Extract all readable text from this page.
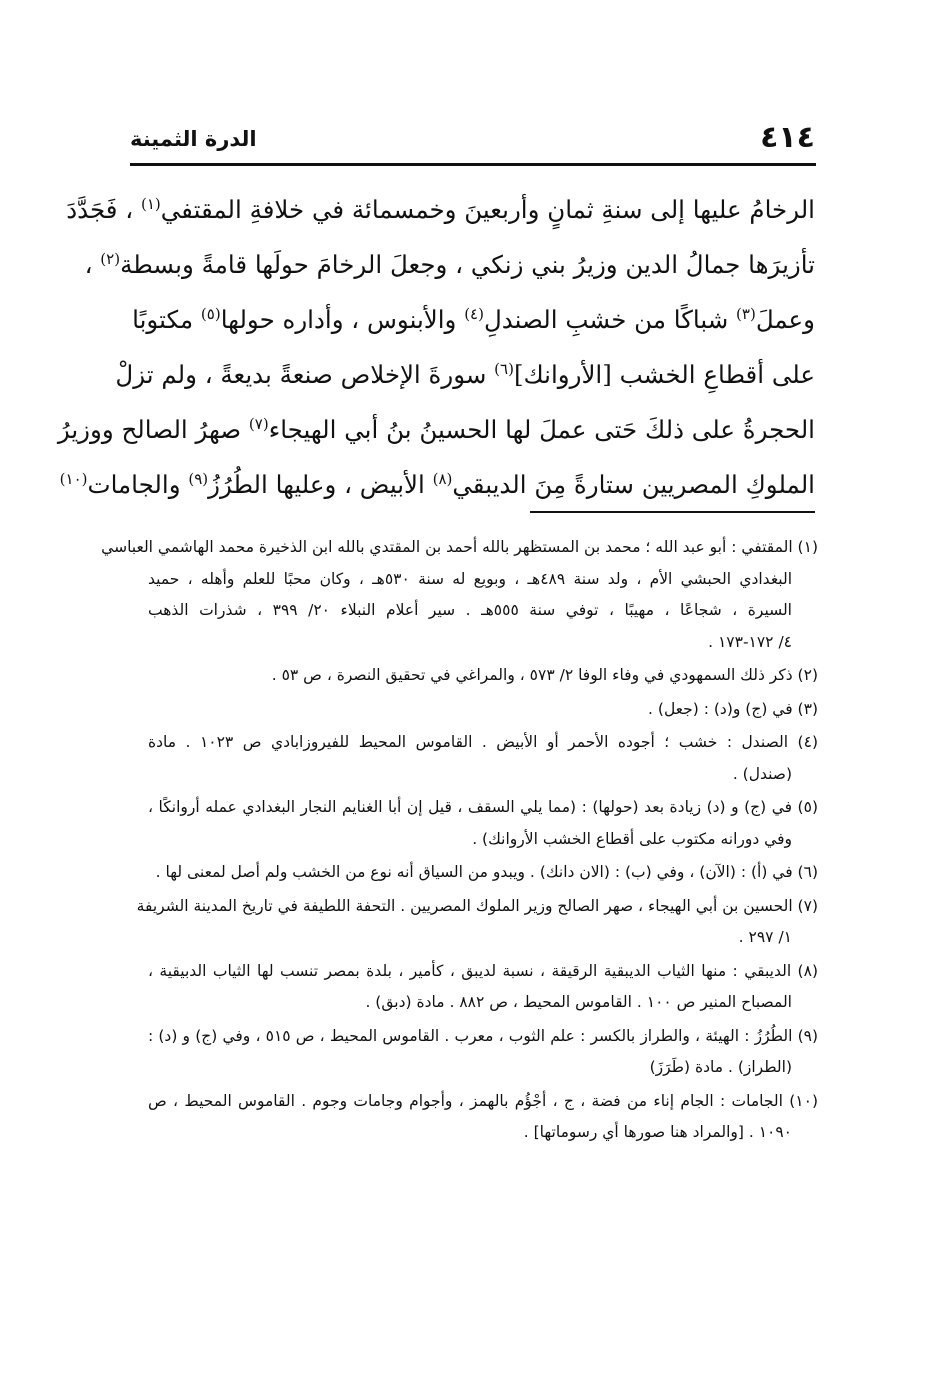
٤١٤
الدرة الثمينة
الرخامُ عليها إلى سنةِ ثمانٍ وأربعينَ وخمسمائة في خلافةِ المقتفي$^{(١)}$ ، فَجَدَّدَ
تأزيرَها جمالُ الدين وزيرُ بني زنكي ، وجعلَ الرخامَ حولَها قامةً وبسطة$^{(٢)}$ ،
وعملَ$^{(٣)}$ شباكًا من خشبِ الصندلِ$^{(٤)}$ والأبنوس ، وأداره حولها$^{(٥)}$ مكتوبًا
على أقطاعِ الخشب [الأروانك]$^{(٦)}$ سورةَ الإخلاص صنعةً بديعةً ، ولم تزلْ
الحجرةُ على ذلكَ حَتى عملَ لها الحسينُ بنُ أبي الهيجاء$^{(٧)}$ صهرُ الصالح ووزيرُ
الملوكِ المصريين ستارةً مِنَ الديبقي$^{(٨)}$ الأبيض ، وعليها الطُرُزُ$^{(٩)}$ والجامات$^{(١٠)}$
(١) المقتفي : أبو عبد الله ؛ محمد بن المستظهر بالله أحمد بن المقتدي بالله ابن الذخيرة محمد الهاشمي العباسي
البغدادي الحبشي الأم ، ولد سنة ٤٨٩هـ ، وبويع له سنة ٥٣٠هـ ، وكان محبًا للعلم وأهله ، حميد
السيرة ، شجاعًا ، مهيبًا ، توفي سنة ٥٥٥هـ . سير أعلام النبلاء ٢٠/ ٣٩٩ ، شذرات الذهب
٤/ ١٧٢-١٧٣ .
(٢) ذكر ذلك السمهودي في وفاء الوفا ٢/ ٥٧٣ ، والمراغي في تحقيق النصرة ، ص ٥٣ .
(٣) في (ج) و(د) : (جعل) .
(٤) الصندل : خشب ؛ أجوده الأحمر أو الأبيض . القاموس المحيط للفيروزابادي ص ١٠٢٣ . مادة
(صندل) .
(٥) في (ج) و (د) زيادة بعد (حولها) : (مما يلي السقف ، قيل إن أبا الغنايم النجار البغدادي عمله أروانكًا ،
وفي دورانه مكتوب على أقطاع الخشب الأروانك) .
(٦) في (أ) : (الآن) ، وفي (ب) : (الان دانك) . ويبدو من السياق أنه نوع من الخشب ولم أصل لمعنى لها .
(٧) الحسين بن أبي الهيجاء ، صهر الصالح وزير الملوك المصريين . التحفة اللطيفة في تاريخ المدينة الشريفة
١/ ٢٩٧ .
(٨) الديبقي : منها الثياب الديبقية الرقيقة ، نسبة لديبق ، كأمير ، بلدة بمصر تنسب لها الثياب الدبيقية ،
المصباح المنير ص ١٠٠ . القاموس المحيط ، ص ٨٨٢ . مادة (دبق) .
(٩) الطُرُزُ : الهيئة ، والطراز بالكسر : علم الثوب ، معرب . القاموس المحيط ، ص ٥١٥ ، وفي (ج) و (د) :
(الطراز) . مادة (طَرَزَ)
(١٠) الجامات : الجام إناء من فضة ، ج ، أجْؤُم بالهمز ، وأجوام وجامات وجوم . القاموس المحيط ، ص
١٠٩٠ . [والمراد هنا صورها أي رسوماتها] .
